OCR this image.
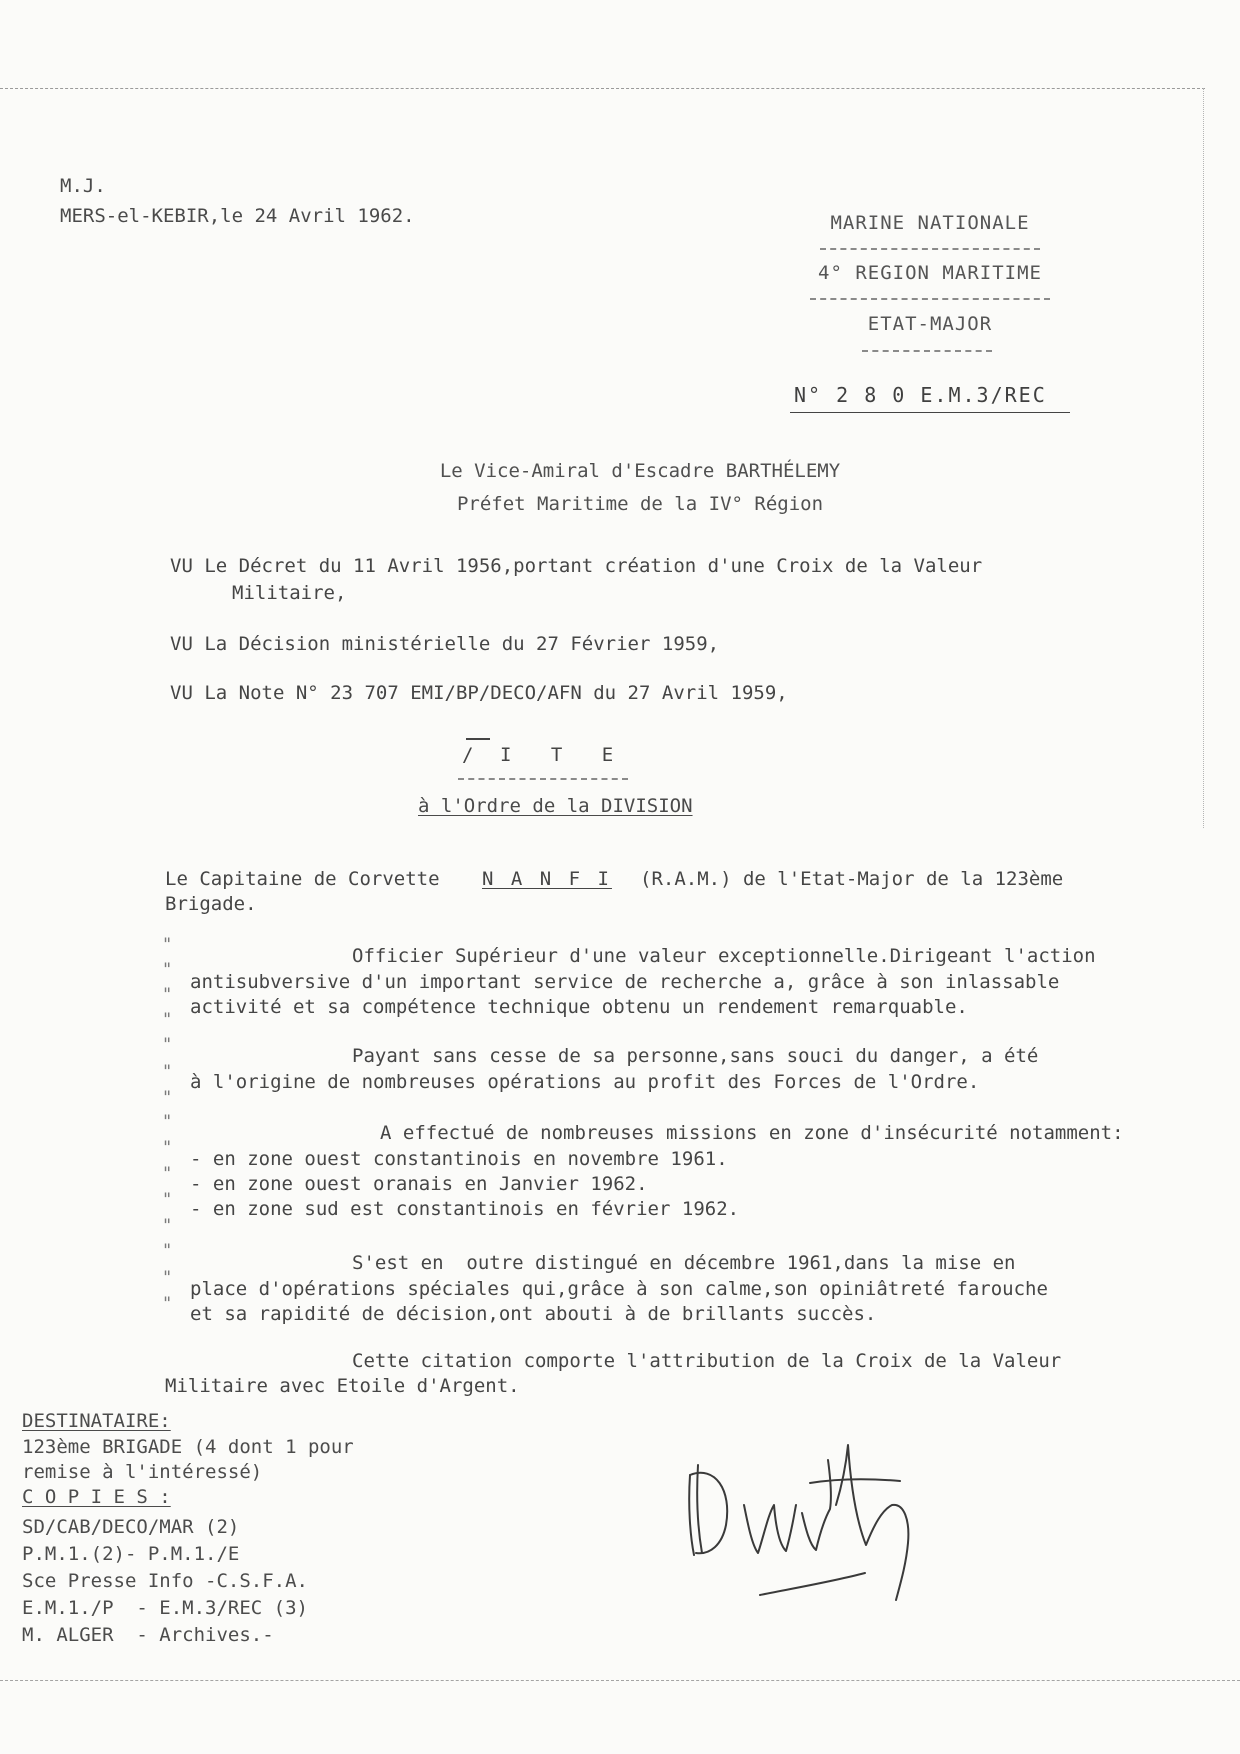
M.J.
MERS-el-KEBIR,le 24 Avril 1962.	MARINE NATIONALE
4° REGION MARITIME
ETAT-MAJOR
N° 2 8 0 E.M.3/REC
Le Vice-Amiral d'Escadre BARTHÉLEMY
Préfet Maritime de la IV° Région
VU Le Décret du 11 Avril 1956,portant création d'une Croix de la Valeur
Militaire,
VU La Décision ministérielle du 27 Février 1959,
VU La Note N° 23 707 EMI/BP/DECO/AFN du 27 Avril 1959,
/ I T E
à l'Ordre de la DIVISION
Le Capitaine de Corvette N A N F I (R.A.M.) de l'Etat-Major de la 123ème
Brigade.
"	Officier Supérieur d'une valeur exceptionnelle.Dirigeant l'action
"
antisubversive d'un important service de recherche a, grâce à son inlassable
"
activité et sa compétence technique obtenu un rendement remarquable.
"
"	Payant sans cesse de sa personne,sans souci du danger, a été
" à l'origine de nombreuses opérations au profit des Forces de l'Ordre.
"
"	A effectué de nombreuses missions en zone d'insécurité notamment:
" - en zone ouest constantinois en novembre 1961.
" - en zone ouest oranais en Janvier 1962.
" - en zone sud est constantinois en février 1962.
"
"
S'est en  outre distingué en décembre 1961,dans la mise en
" place d'opérations spéciales qui,grâce à son calme,son opiniâtreté farouche
" et sa rapidité de décision,ont abouti à de brillants succès.
Cette citation comporte l'attribution de la Croix de la Valeur
Militaire avec Etoile d'Argent.
DESTINATAIRE:
123ème BRIGADE (4 dont 1 pour
remise à l'intéressé)
C O P I E S :
SD/CAB/DECO/MAR (2)
P.M.1.(2)- P.M.1./E
Sce Presse Info -C.S.F.A.
E.M.1./P  - E.M.3/REC (3)
M. ALGER  - Archives.-
